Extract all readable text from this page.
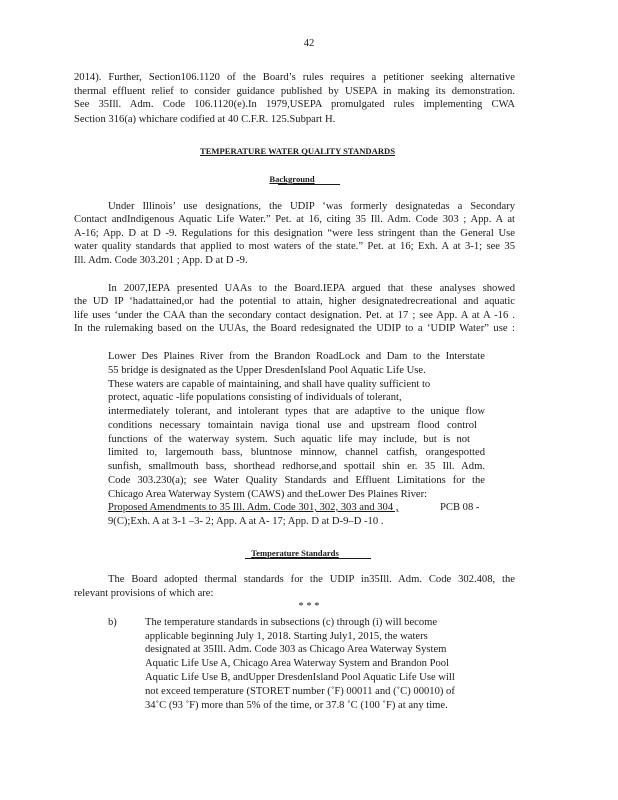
42
2014). Further, Section106.1120 of the Board’s rules requires a petitioner seeking alternative
thermal effluent relief to consider guidance published by USEPA in making its demonstration.
See 35Ill. Adm. Code 106.1120(e).In 1979,USEPA promulgated rules implementing CWA
Section 316(a) whichare codified at 40 C.F.R. 125.Subpart H.
TEMPERATURE WATER QUALITY STANDARDS
Background
Under Illinois’ use designations, the UDIP ‘was formerly designatedas a Secondary
Contact andIndigenous Aquatic Life Water.” Pet. at 16, citing 35 Ill. Adm. Code 303 ; App. A at
A-16; App. D at D -9. Regulations for this designation “were less stringent than the General Use
water quality standards that applied to most waters of the state.” Pet. at 16; Exh. A at 3-1; see 35
Ill. Adm. Code 303.201 ; App. D at D -9.
In 2007,IEPA presented UAAs to the Board.IEPA argued that these analyses showed
the UD IP ‘hadattained,or had the potential to attain, higher designatedrecreational and aquatic
life uses ‘under the CAA than the secondary contact designation. Pet. at 17 ; see App. A at A -16 .
In the rulemaking based on the UUAs, the Board redesignated the UDIP to a ‘UDIP Water” use :
Lower Des Plaines River from the Brandon RoadLock and Dam to the Interstate
55 bridge is designated as the Upper DresdenIsland Pool Aquatic Life Use.
These waters are capable of maintaining, and shall have quality sufficient to
protect, aquatic -life populations consisting of individuals of tolerant,
intermediately tolerant, and intolerant types that are adaptive to the unique flow
conditions necessary tomaintain naviga tional use and upstream flood control
functions of the waterway system. Such aquatic life may include, but is not
limited to, largemouth bass, bluntnose minnow, channel catfish, orangespotted
sunfish, smallmouth bass, shorthead redhorse,and spottail shin er. 35 Ill. Adm.
Code 303.230(a); see Water Quality Standards and Effluent Limitations for the
Chicago Area Waterway System (CAWS) and theLower Des Plaines River:
Proposed Amendments to 35 Ill. Adm. Code 301, 302, 303 and 304 ,	PCB 08 -
9(C);Exh. A at 3-1 –3- 2; App. A at A- 17; App. D at D-9–D -10 .
Temperature Standards
The Board adopted thermal standards for the UDIP in35Ill. Adm. Code 302.408, the
relevant provisions of which are:
* * *
b)	The temperature standards in subsections (c) through (i) will become
applicable beginning July 1, 2018. Starting July1, 2015, the waters
designated at 35Ill. Adm. Code 303 as Chicago Area Waterway System
Aquatic Life Use A, Chicago Area Waterway System and Brandon Pool
Aquatic Life Use B, andUpper DresdenIsland Pool Aquatic Life Use will
not exceed temperature (STORET number (˚F) 00011 and (˚C) 00010) of
34˚C (93 ˚F) more than 5% of the time, or 37.8 ˚C (100 ˚F) at any time.
